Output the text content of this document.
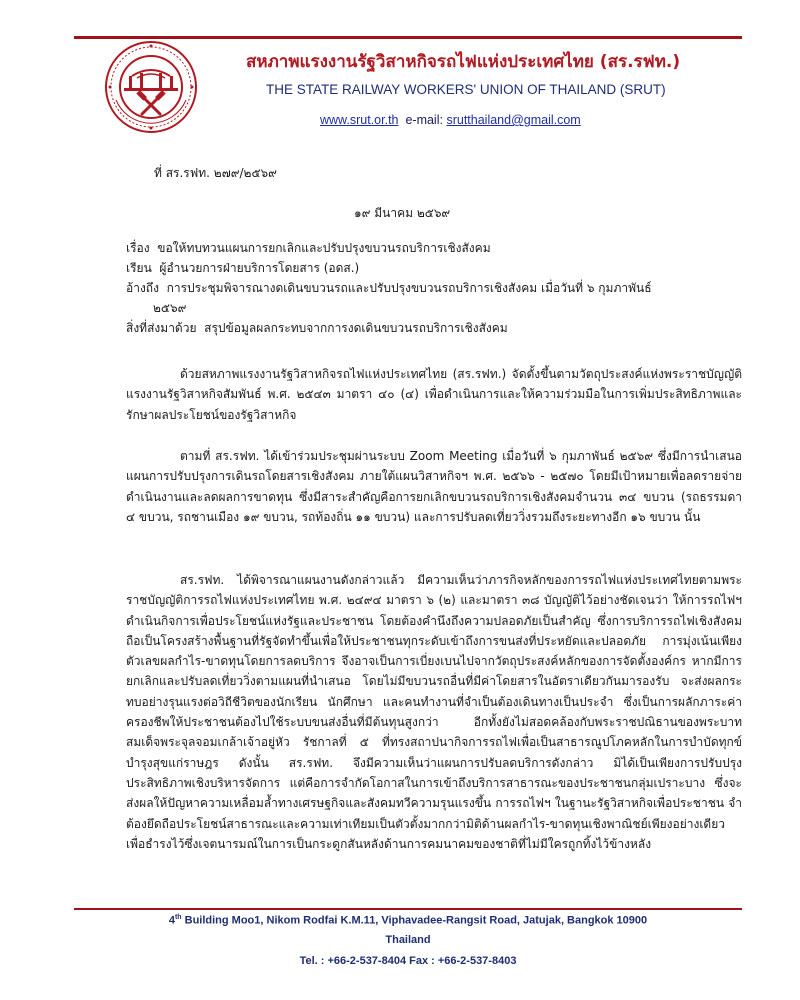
สหภาพแรงงานรัฐวิสาหกิจรถไฟแห่งประเทศไทย (สร.รฟท.)
THE STATE RAILWAY WORKERS' UNION OF THAILAND (SRUT)
www.srut.or.th e-mail: srutthailand@gmail.com
ที่ สร.รฟท. ๒๗๙/๒๕๖๙
๑๙ มีนาคม ๒๕๖๙
เรื่อง ขอให้ทบทวนแผนการยกเลิกและปรับปรุงขบวนรถบริการเชิงสังคม
เรียน ผู้อำนวยการฝ่ายบริการโดยสาร (อดส.)
อ้างถึง การประชุมพิจารณางดเดินขบวนรถและปรับปรุงขบวนรถบริการเชิงสังคม เมื่อวันที่ ๖ กุมภาพันธ์
๒๕๖๙
สิ่งที่ส่งมาด้วย สรุปข้อมูลผลกระทบจากการงดเดินขบวนรถบริการเชิงสังคม

ด้วยสหภาพแรงงานรัฐวิสาหกิจรถไฟแห่งประเทศไทย (สร.รฟท.) จัดตั้งขึ้นตามวัตถุประสงค์แห่งพระราชบัญญัติแรงงานรัฐวิสาหกิจสัมพันธ์ พ.ศ. ๒๕๔๓ มาตรา ๔๐ (๔) เพื่อดำเนินการและให้ความร่วมมือในการเพิ่มประสิทธิภาพและรักษาผลประโยชน์ของรัฐวิสาหกิจ

ตามที่ สร.รฟท. ได้เข้าร่วมประชุมผ่านระบบ Zoom Meeting เมื่อวันที่ ๖ กุมภาพันธ์ ๒๕๖๙ ซึ่งมีการนำเสนอแผนการปรับปรุงการเดินรถโดยสารเชิงสังคม ภายใต้แผนวิสาหกิจฯ พ.ศ. ๒๕๖๖ - ๒๕๗๐ โดยมีเป้าหมายเพื่อลดรายจ่ายดำเนินงานและลดผลการขาดทุน ซึ่งมีสาระสำคัญคือการยกเลิกขบวนรถบริการเชิงสังคมจำนวน ๓๔ ขบวน (รถธรรมดา ๔ ขบวน, รถชานเมือง ๑๙ ขบวน, รถท้องถิ่น ๑๑ ขบวน) และการปรับลดเที่ยววิ่งรวมถึงระยะทางอีก ๑๖ ขบวน นั้น

สร.รฟท. ได้พิจารณาแผนงานดังกล่าวแล้ว มีความเห็นว่าภารกิจหลักของการรถไฟแห่งประเทศไทยตามพระราชบัญญัติการรถไฟแห่งประเทศไทย พ.ศ. ๒๔๙๔ มาตรา ๖ (๒) และมาตรา ๓๘ บัญญัติไว้อย่างชัดเจนว่า ให้การรถไฟฯ ดำเนินกิจการเพื่อประโยชน์แห่งรัฐและประชาชน โดยต้องคำนึงถึงความปลอดภัยเป็นสำคัญ ซึ่งการบริการรถไฟเชิงสังคมถือเป็นโครงสร้างพื้นฐานที่รัฐจัดทำขึ้นเพื่อให้ประชาชนทุกระดับเข้าถึงการขนส่งที่ประหยัดและปลอดภัย การมุ่งเน้นเพียงตัวเลขผลกำไร-ขาดทุนโดยการลดบริการ จึงอาจเป็นการเบี่ยงเบนไปจากวัตถุประสงค์หลักของการจัดตั้งองค์กร หากมีการยกเลิกและปรับลดเที่ยววิ่งตามแผนที่นำเสนอ โดยไม่มีขบวนรถอื่นที่มีค่าโดยสารในอัตราเดียวกันมารองรับ จะส่งผลกระทบอย่างรุนแรงต่อวิถีชีวิตของนักเรียน นักศึกษา และคนทำงานที่จำเป็นต้องเดินทางเป็นประจำ ซึ่งเป็นการผลักภาระค่าครองชีพให้ประชาชนต้องไปใช้ระบบขนส่งอื่นที่มีต้นทุนสูงกว่า อีกทั้งยังไม่สอดคล้องกับพระราชปณิธานของพระบาทสมเด็จพระจุลจอมเกล้าเจ้าอยู่หัว รัชกาลที่ ๕ ที่ทรงสถาปนากิจการรถไฟเพื่อเป็นสาธารณูปโภคหลักในการบำบัดทุกข์บำรุงสุขแก่ราษฎร ดังนั้น สร.รฟท. จึงมีความเห็นว่าแผนการปรับลดบริการดังกล่าว มิได้เป็นเพียงการปรับปรุงประสิทธิภาพเชิงบริหารจัดการ แต่คือการจำกัดโอกาสในการเข้าถึงบริการสาธารณะของประชาชนกลุ่มเปราะบาง ซึ่งจะส่งผลให้ปัญหาความเหลื่อมล้ำทางเศรษฐกิจและสังคมทวีความรุนแรงขึ้น การรถไฟฯ ในฐานะรัฐวิสาหกิจเพื่อประชาชน จำต้องยึดถือประโยชน์สาธารณะและความเท่าเทียมเป็นตัวตั้งมากกว่ามิติด้านผลกำไร-ขาดทุนเชิงพาณิชย์เพียงอย่างเดียว เพื่อธำรงไว้ซึ่งเจตนารมณ์ในการเป็นกระดูกสันหลังด้านการคมนาคมของชาติที่ไม่มีใครถูกทิ้งไว้ข้างหลัง

4th Building Moo1, Nikom Rodfai K.M.11, Viphavadee-Rangsit Road, Jatujak, Bangkok 10900
Thailand
Tel. : +66-2-537-8404 Fax : +66-2-537-8403
